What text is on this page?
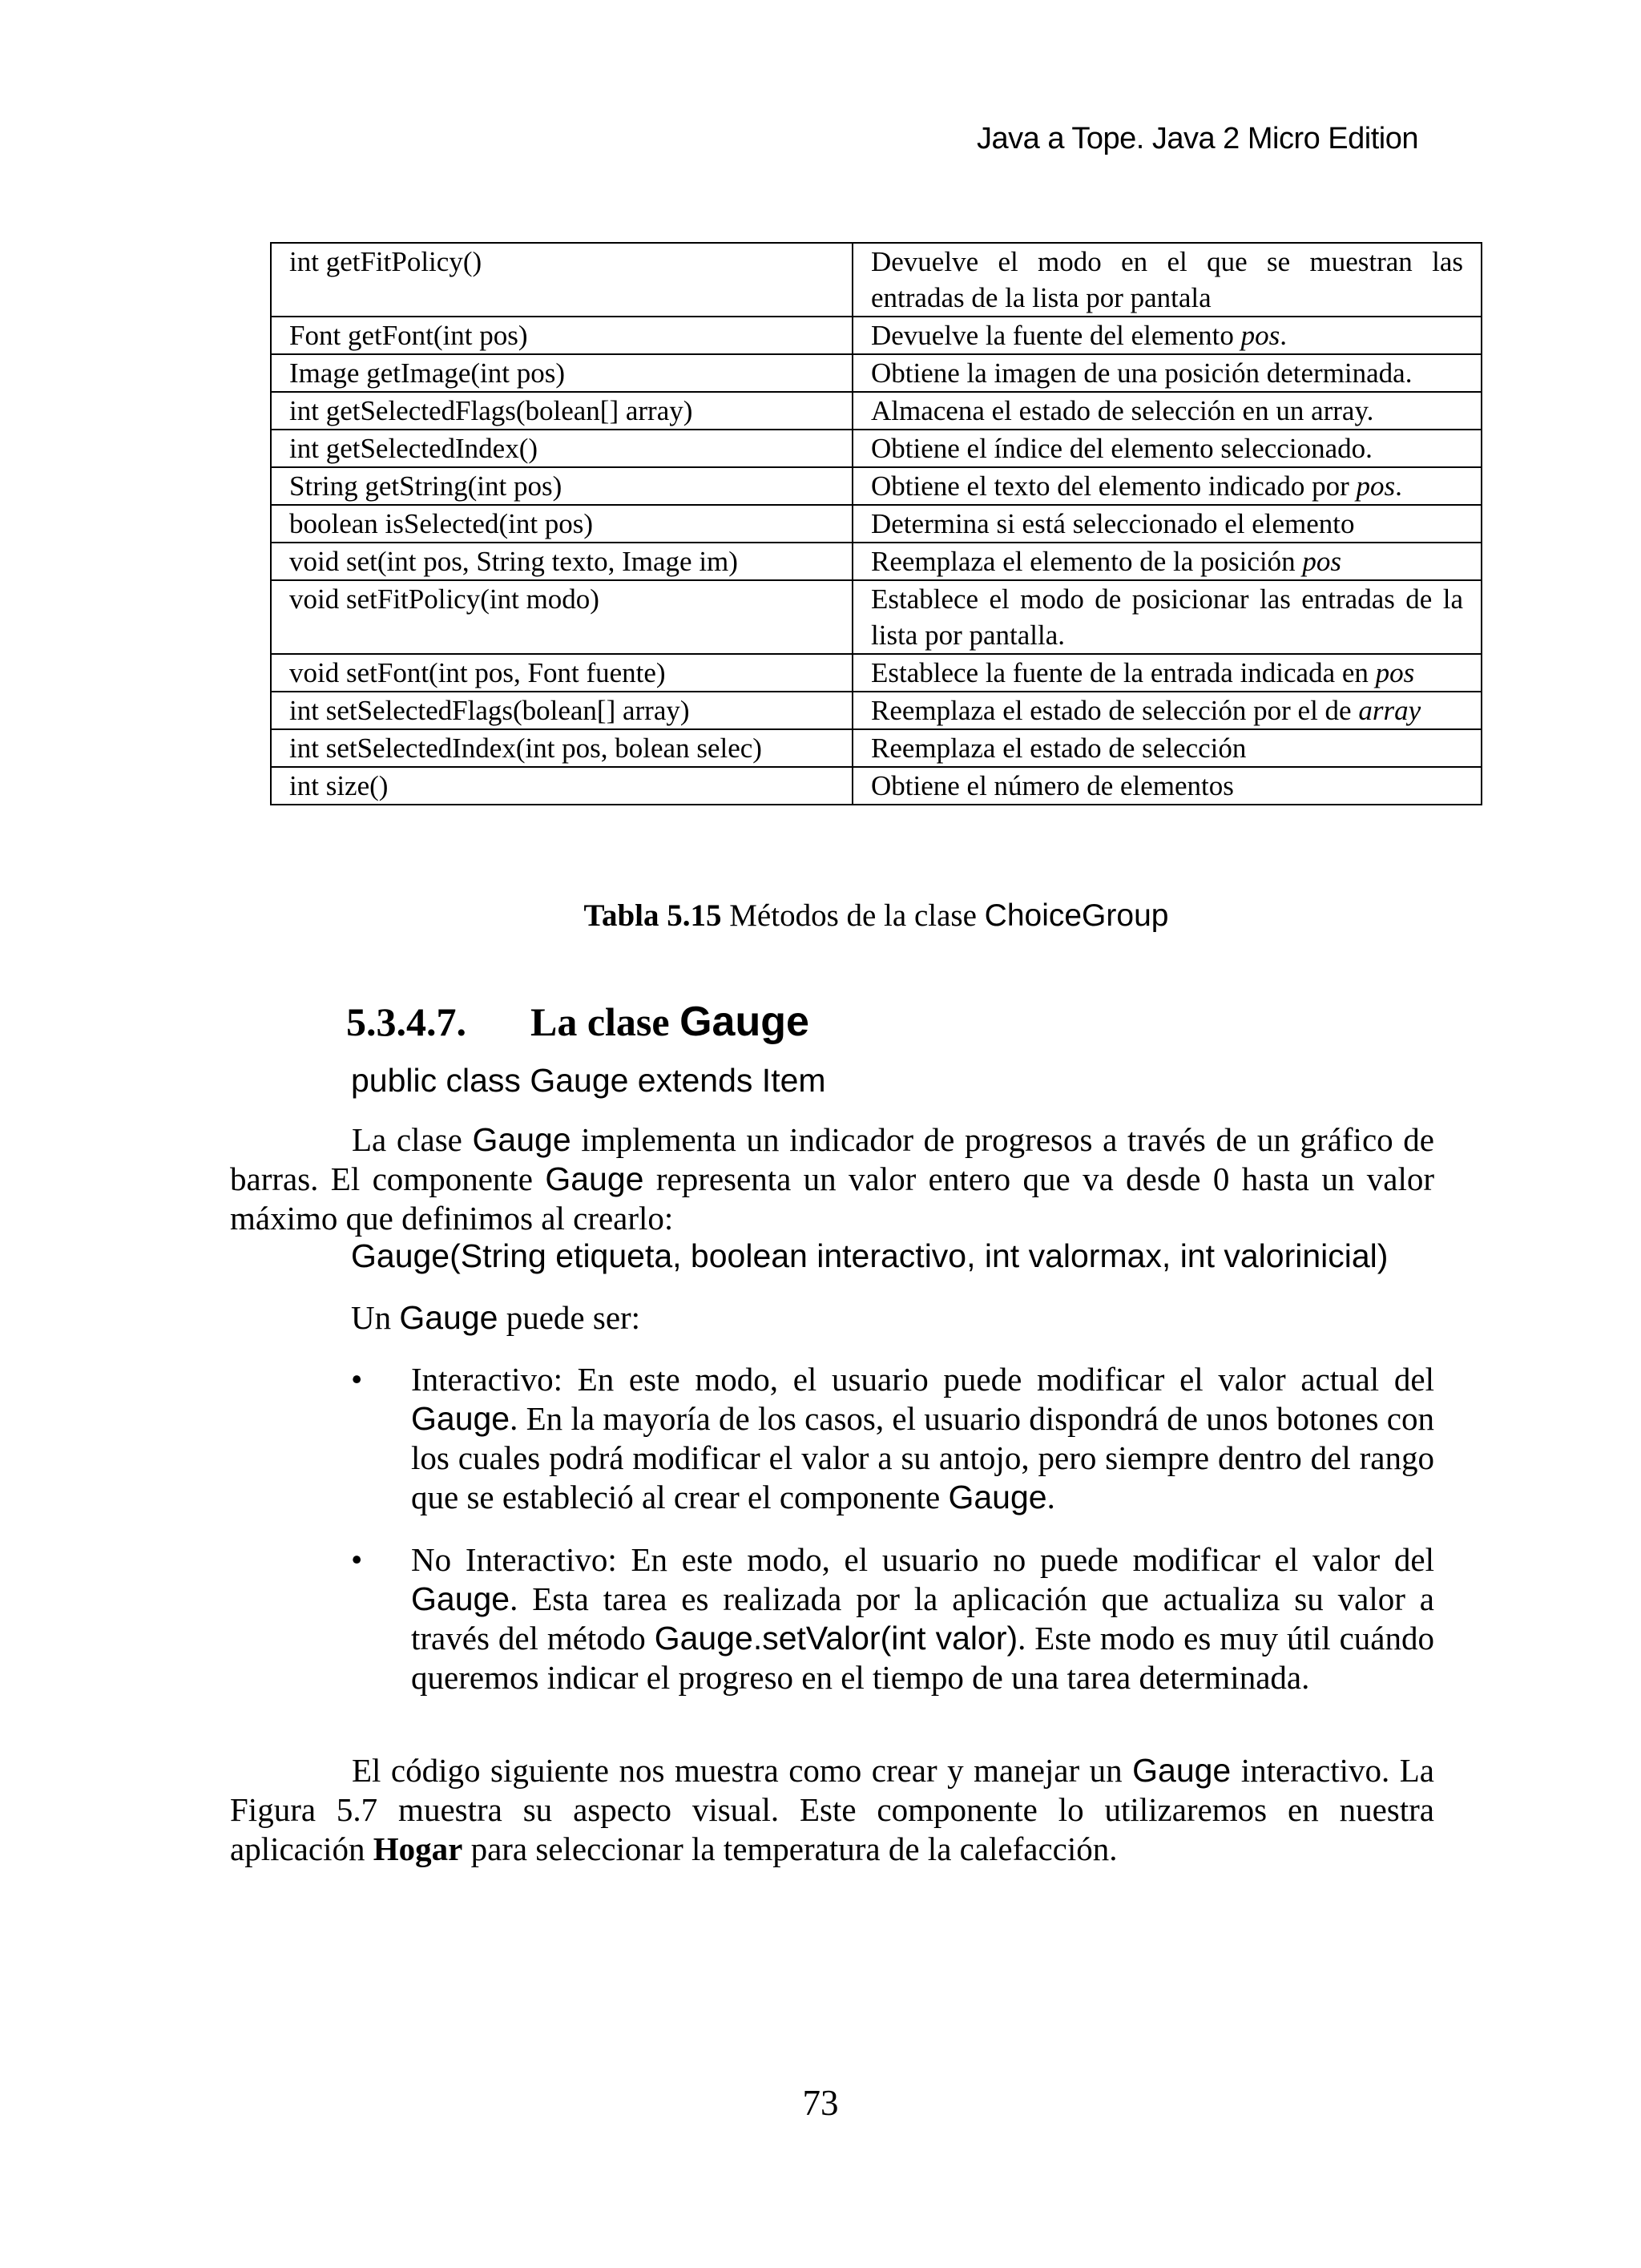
Java a Tope. Java 2 Micro Edition
int getFitPolicy()	Devuelve el modo en el que se muestran las entradas de la lista por pantala
Font getFont(int pos)	Devuelve la fuente del elemento pos.
Image getImage(int pos)	Obtiene la imagen de una posición determinada.
int getSelectedFlags(bolean[] array)	Almacena el estado de selección en un array.
int getSelectedIndex()	Obtiene el índice del elemento seleccionado.
String getString(int pos)	Obtiene el texto del elemento indicado por pos.
boolean isSelected(int pos)	Determina si está seleccionado el elemento
void set(int pos, String texto, Image im)	Reemplaza el elemento de la posición pos
void setFitPolicy(int modo)	Establece el modo de posicionar las entradas de la lista por pantalla.
void setFont(int pos, Font fuente)	Establece la fuente de la entrada indicada en pos
int setSelectedFlags(bolean[] array)	Reemplaza el estado de selección por el de array
int setSelectedIndex(int pos, bolean selec)	Reemplaza el estado de selección
int size()	Obtiene el número de elementos
Tabla 5.15 Métodos de la clase ChoiceGroup
5.3.4.7. La clase Gauge
public class Gauge extends Item

La clase Gauge implementa un indicador de progresos a través de un gráfico de barras. El componente Gauge representa un valor entero que va desde 0 hasta un valor máximo que definimos al crearlo:

Gauge(String etiqueta, boolean interactivo, int valormax, int valorinicial)
Un Gauge puede ser:
• Interactivo: En este modo, el usuario puede modificar el valor actual del Gauge. En la mayoría de los casos, el usuario dispondrá de unos botones con los cuales podrá modificar el valor a su antojo, pero siempre dentro del rango que se estableció al crear el componente Gauge.
• No Interactivo: En este modo, el usuario no puede modificar el valor del Gauge. Esta tarea es realizada por la aplicación que actualiza su valor a través del método Gauge.setValor(int valor). Este modo es muy útil cuándo queremos indicar el progreso en el tiempo de una tarea determinada.

El código siguiente nos muestra como crear y manejar un Gauge interactivo. La Figura 5.7 muestra su aspecto visual. Este componente lo utilizaremos en nuestra aplicación Hogar para seleccionar la temperatura de la calefacción.

73
